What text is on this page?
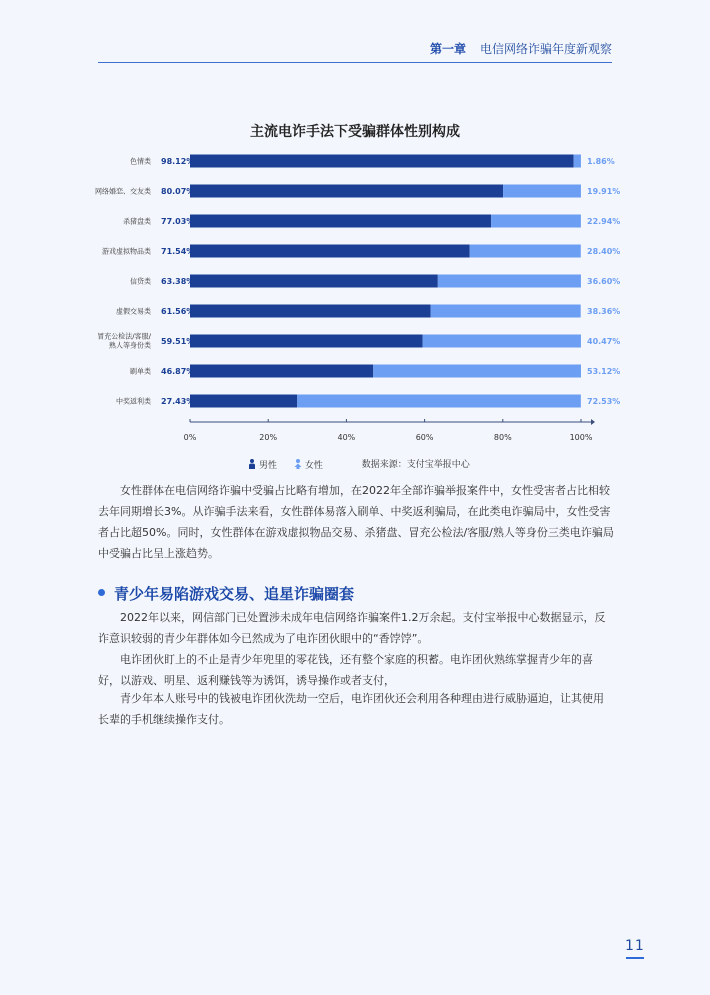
第一章 电信网络诈骗年度新观察
主流电诈手法下受骗群体性别构成
色情类 98.12%	1.86%
网络婚恋、交友类 80.07%	19.91%
杀猪盘类 77.03%	22.94%
游戏虚拟物品类 71.54%	28.40%
信贷类 63.38%	36.60%
虚假交易类 61.56%	38.36%
冒充公检法/客服/熟人等身份类 59.51%	40.47%
刷单类 46.87%	53.12%
中奖返利类 27.43%	72.53%
0%	20%	40%	60%	80%	100%
男性	女性	数据来源：支付宝举报中心

女性群体在电信网络诈骗中受骗占比略有增加，在2022年全部诈骗举报案件中，女性受害者占比相较去年同期增长3%。从诈骗手法来看，女性群体易落入刷单、中奖返利骗局，在此类电诈骗局中，女性受害者占比超50%。同时，女性群体在游戏虚拟物品交易、杀猪盘、冒充公检法/客服/熟人等身份三类电诈骗局中受骗占比呈上涨趋势。

青少年易陷游戏交易、追星诈骗圈套

2022年以来，网信部门已处置涉未成年电信网络诈骗案件1.2万余起。支付宝举报中心数据显示，反诈意识较弱的青少年群体如今已然成为了电诈团伙眼中的“香饽饽”。

电诈团伙盯上的不止是青少年兜里的零花钱，还有整个家庭的积蓄。电诈团伙熟练掌握青少年的喜好，以游戏、明星、返利赚钱等为诱饵，诱导操作或者支付，

青少年本人账号中的钱被电诈团伙洗劫一空后，电诈团伙还会利用各种理由进行威胁逼迫，让其使用长辈的手机继续操作支付。

11
